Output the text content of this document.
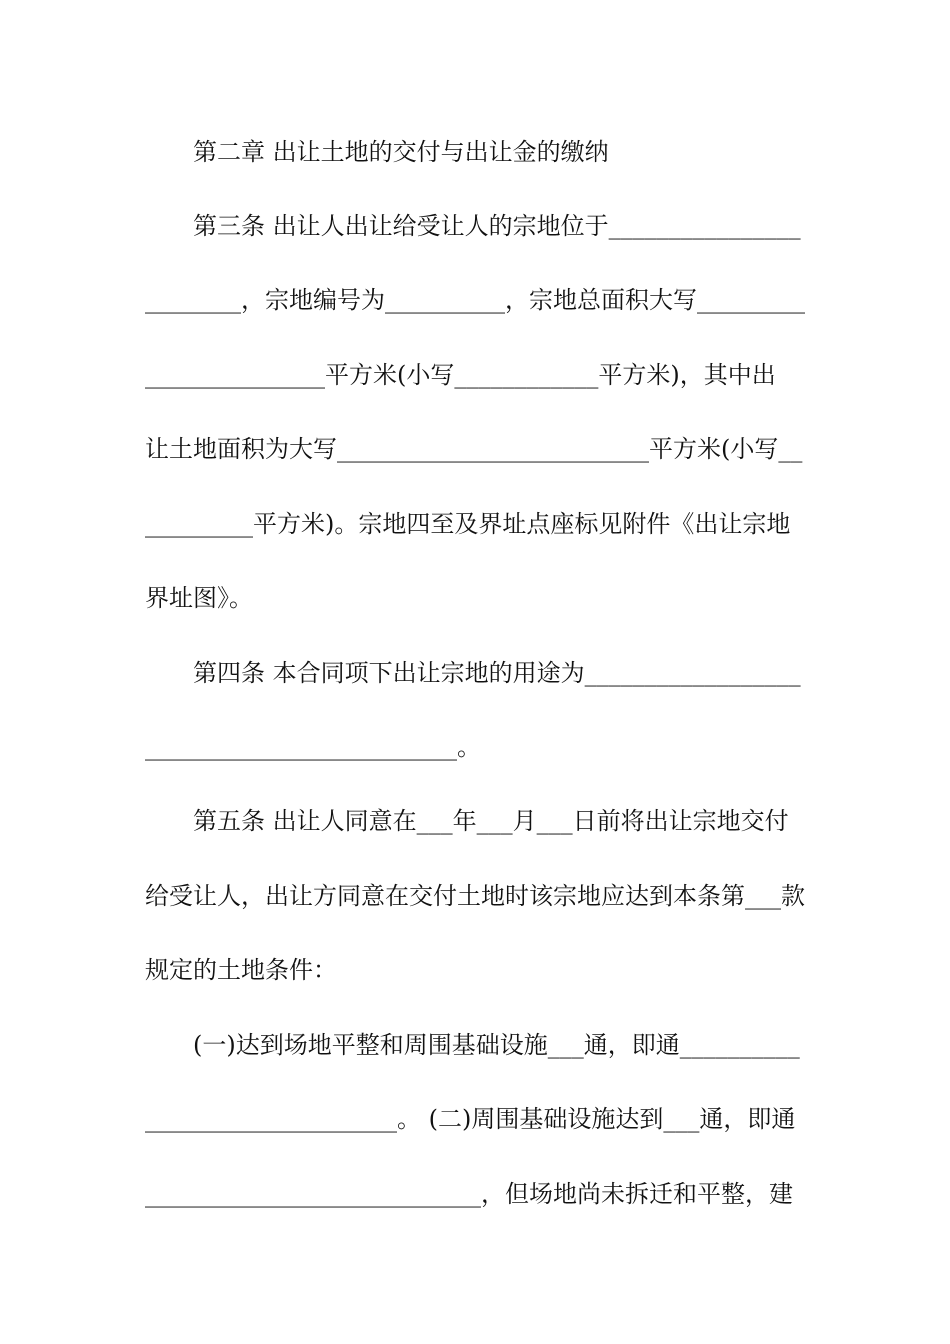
第二章 出让土地的交付与出让金的缴纳
第三条 出让人出让给受让人的宗地位于________________
________，宗地编号为__________，宗地总面积大写_________
_______________平方米(小写____________平方米)，其中出
让土地面积为大写__________________________平方米(小写__
_________平方米)。宗地四至及界址点座标见附件《出让宗地
界址图》。
第四条 本合同项下出让宗地的用途为__________________
__________________________。
第五条 出让人同意在___年___月___日前将出让宗地交付
给受让人，出让方同意在交付土地时该宗地应达到本条第___款
规定的土地条件：
(一)达到场地平整和周围基础设施___通，即通__________
_____________________。 (二)周围基础设施达到___通，即通
____________________________，但场地尚未拆迁和平整，建
